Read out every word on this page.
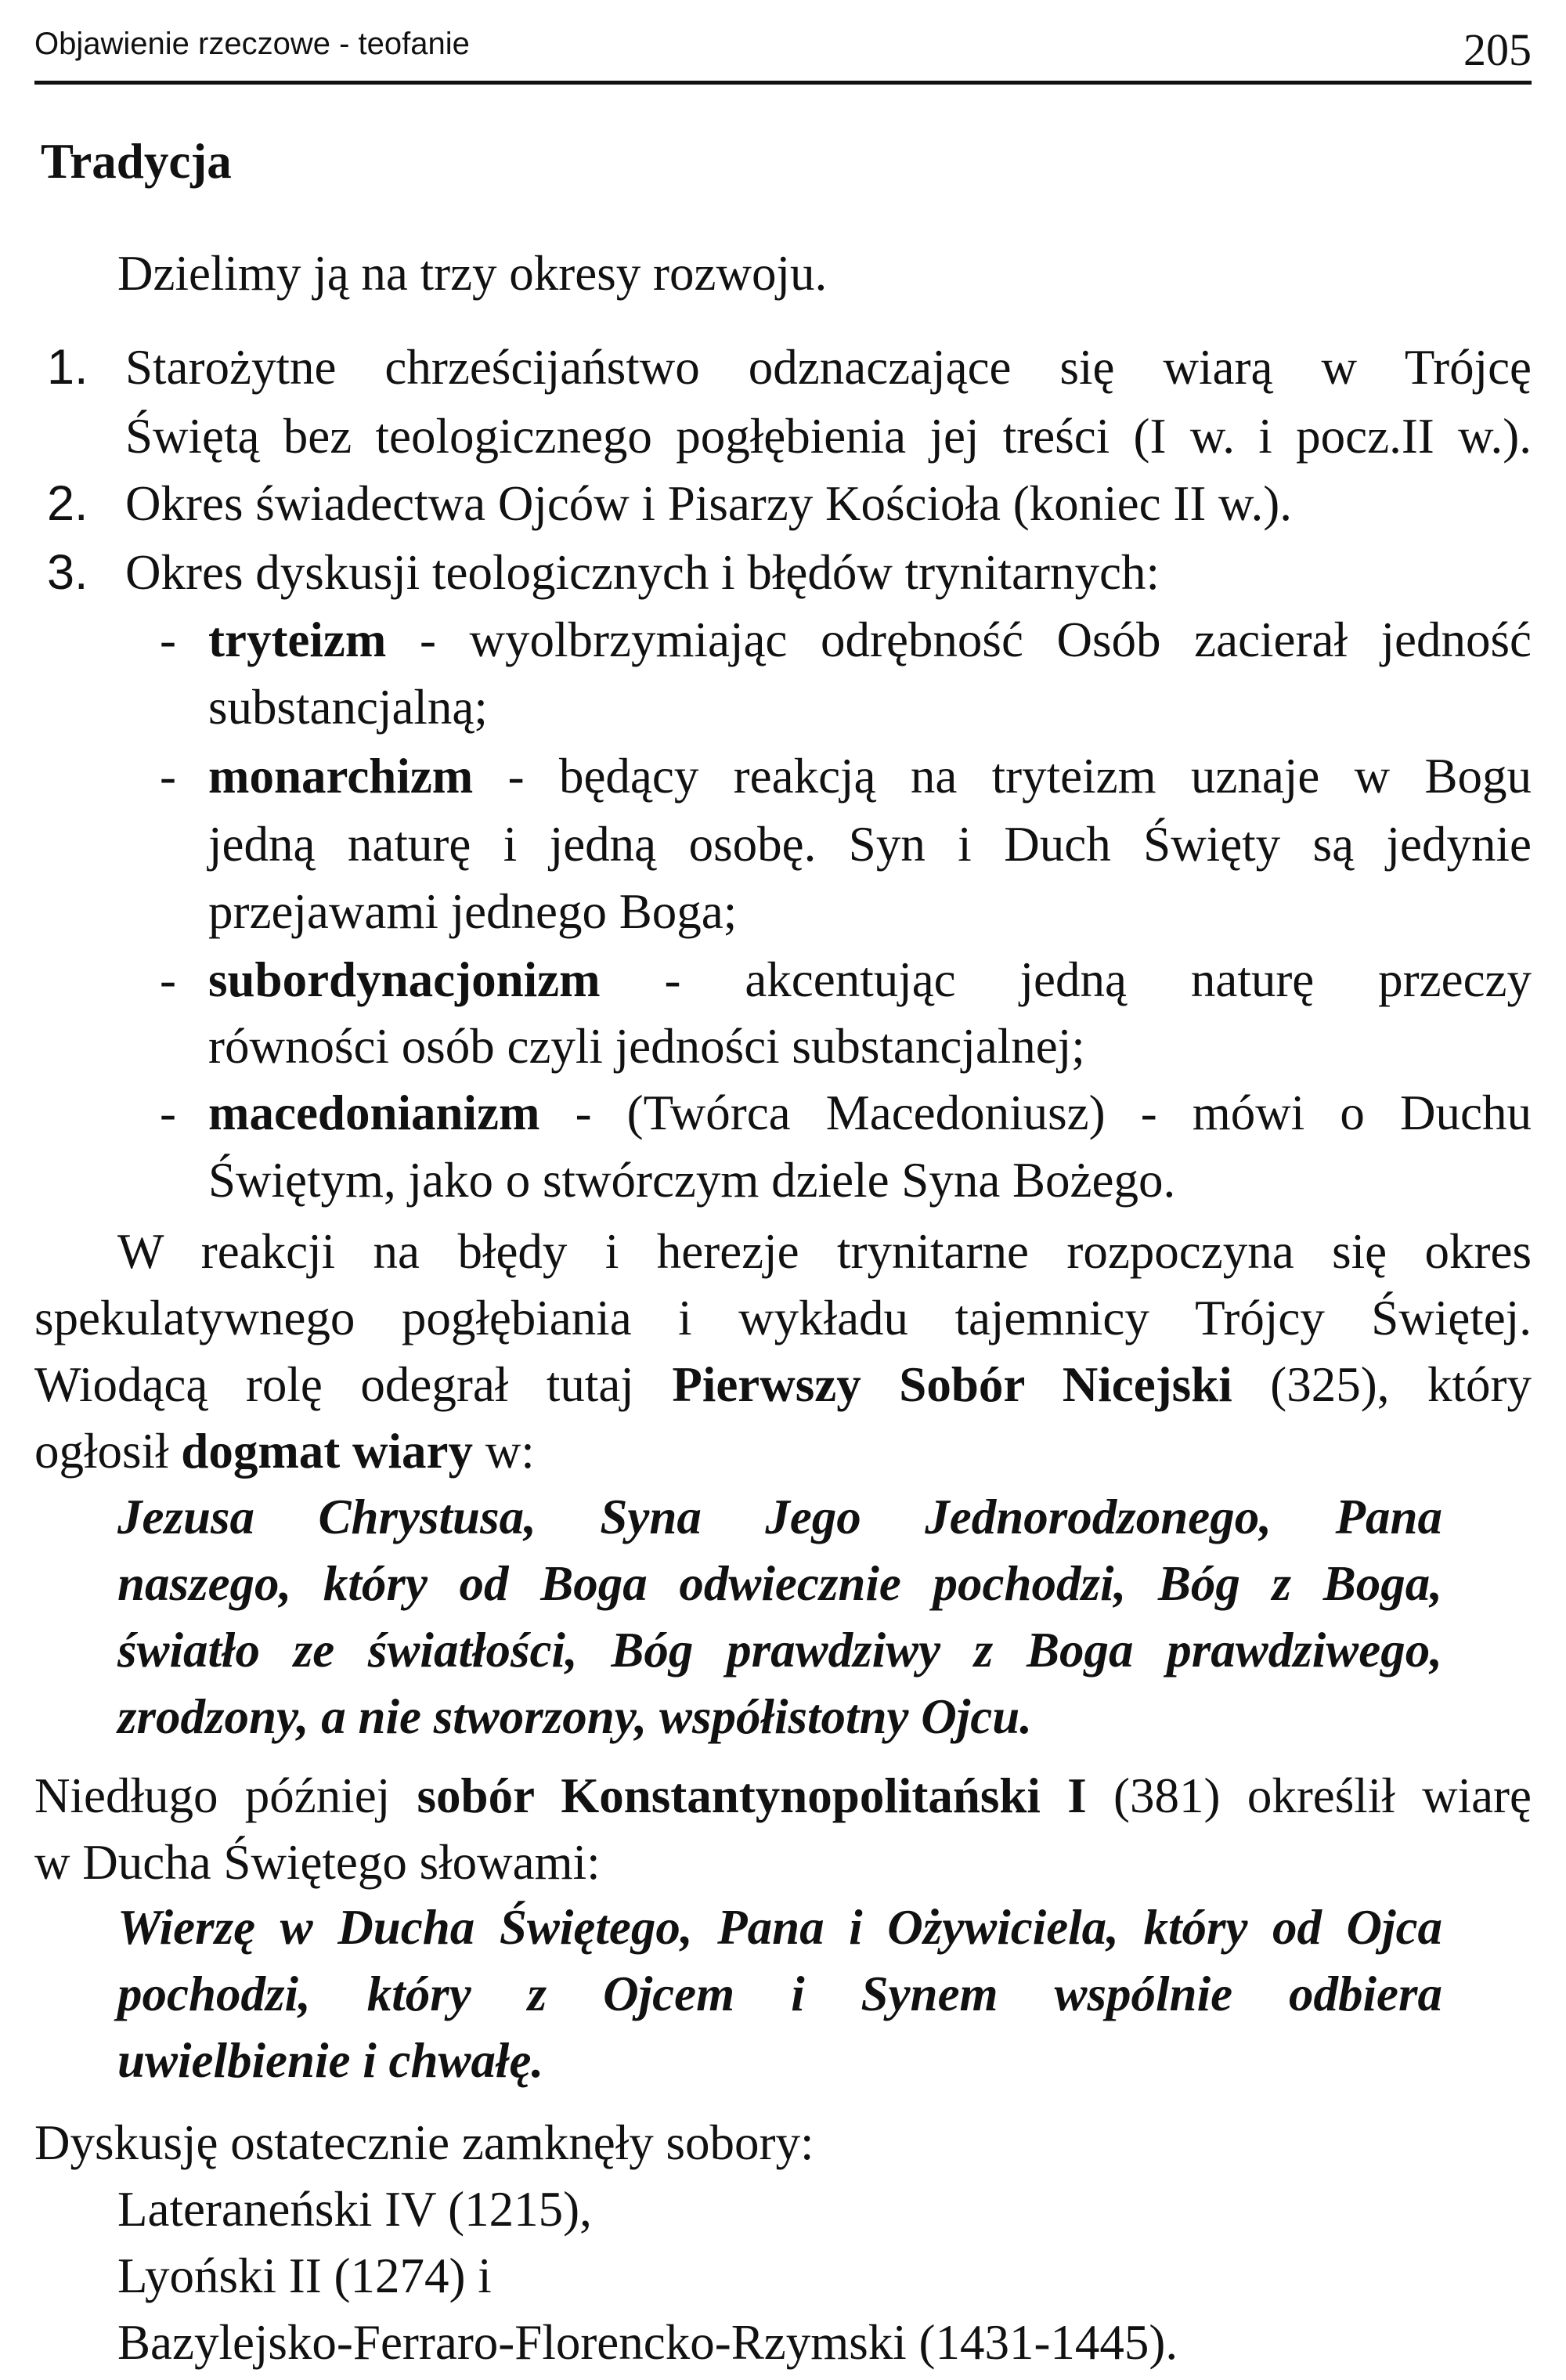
Objawienie rzeczowe - teofanie	205
Tradycja
Dzielimy ją na trzy okresy rozwoju.
1. Starożytne chrześcijaństwo odznaczające się wiarą w Trójcę
Świętą bez teologicznego pogłębienia jej treści (I w. i pocz.II w.).
2. Okres świadectwa Ojców i Pisarzy Kościoła (koniec II w.).
3. Okres dyskusji teologicznych i błędów trynitarnych:
- tryteizm - wyolbrzymiając odrębność Osób zacierał jedność
substancjalną;
- monarchizm - będący reakcją na tryteizm uznaje w Bogu
jedną naturę i jedną osobę. Syn i Duch Święty są jedynie
przejawami jednego Boga;
- subordynacjonizm - akcentując jedną naturę przeczy
równości osób czyli jedności substancjalnej;
- macedonianizm - (Twórca Macedoniusz) - mówi o Duchu
Świętym, jako o stwórczym dziele Syna Bożego.
W reakcji na błędy i herezje trynitarne rozpoczyna się okres
spekulatywnego pogłębiania i wykładu tajemnicy Trójcy Świętej.
Wiodącą rolę odegrał tutaj Pierwszy Sobór Nicejski (325), który
ogłosił dogmat wiary w:
Jezusa Chrystusa, Syna Jego Jednorodzonego, Pana
naszego, który od Boga odwiecznie pochodzi, Bóg z Boga,
światło ze światłości, Bóg prawdziwy z Boga prawdziwego,
zrodzony, a nie stworzony, współistotny Ojcu.
Niedługo później sobór Konstantynopolitański I (381) określił wiarę
w Ducha Świętego słowami:
Wierzę w Ducha Świętego, Pana i Ożywiciela, który od Ojca
pochodzi, który z Ojcem i Synem wspólnie odbiera
uwielbienie i chwałę.
Dyskusję ostatecznie zamknęły sobory:
Lateraneński IV (1215),
Lyoński II (1274) i
Bazylejsko-Ferraro-Florencko-Rzymski (1431-1445).
